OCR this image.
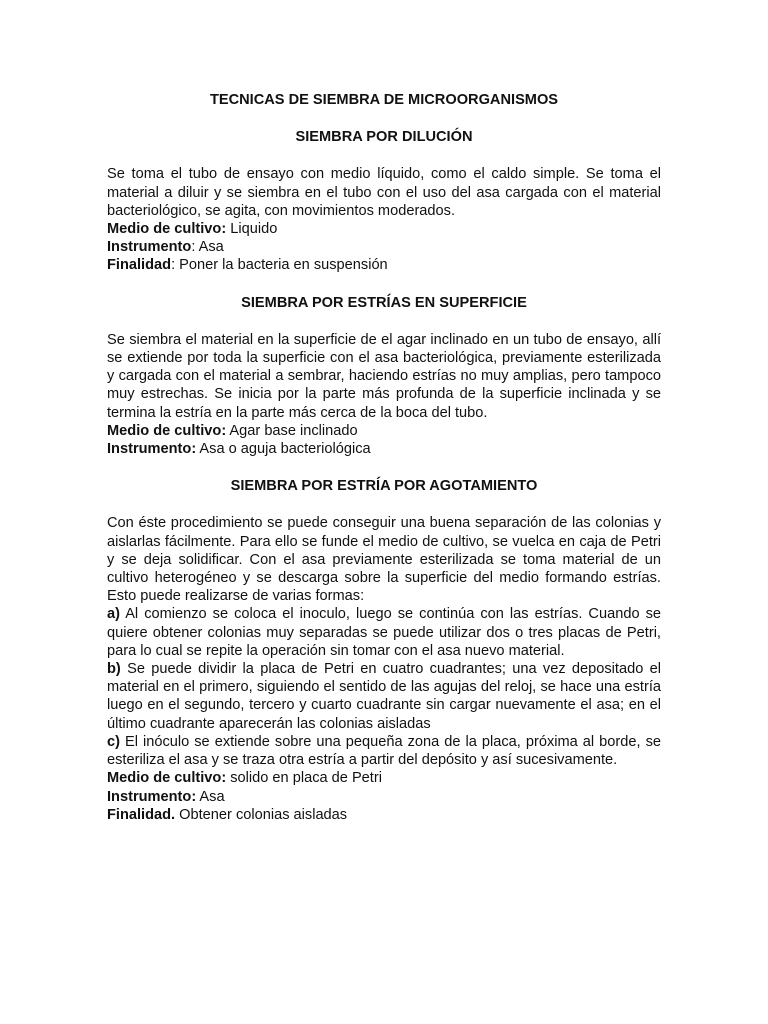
TECNICAS DE SIEMBRA DE MICROORGANISMOS
SIEMBRA POR DILUCIÓN

Se toma el tubo de ensayo con medio líquido, como el caldo simple. Se toma el material a diluir y se siembra en el tubo con el uso del asa cargada con el material bacteriológico, se agita, con movimientos moderados.

Medio de cultivo: Liquido
Instrumento: Asa
Finalidad: Poner la bacteria en suspensión
SIEMBRA POR ESTRÍAS EN SUPERFICIE

Se siembra el material en la superficie de el agar inclinado en un tubo de ensayo, allí se extiende por toda la superficie con el asa bacteriológica, previamente esterilizada y cargada con el material a sembrar, haciendo estrías no muy amplias, pero tampoco muy estrechas. Se inicia por la parte más profunda de la superficie inclinada y se termina la estría en la parte más cerca de la boca del tubo.

Medio de cultivo: Agar base inclinado
Instrumento: Asa o aguja bacteriológica
SIEMBRA POR ESTRÍA POR AGOTAMIENTO

Con éste procedimiento se puede conseguir una buena separación de las colonias y aislarlas fácilmente. Para ello se funde el medio de cultivo, se vuelca en caja de Petri y se deja solidificar. Con el asa previamente esterilizada se toma material de un cultivo heterogéneo y se descarga sobre la superficie del medio formando estrías. Esto puede realizarse de varias formas:

a) Al comienzo se coloca el inoculo, luego se continúa con las estrías. Cuando se quiere obtener colonias muy separadas se puede utilizar dos o tres placas de Petri, para lo cual se repite la operación sin tomar con el asa nuevo material.

b) Se puede dividir la placa de Petri en cuatro cuadrantes; una vez depositado el material en el primero, siguiendo el sentido de las agujas del reloj, se hace una estría luego en el segundo, tercero y cuarto cuadrante sin cargar nuevamente el asa; en el último cuadrante aparecerán las colonias aisladas

c) El inóculo se extiende sobre una pequeña zona de la placa, próxima al borde, se esteriliza el asa y se traza otra estría a partir del depósito y así sucesivamente.

Medio de cultivo: solido en placa de Petri
Instrumento: Asa
Finalidad. Obtener colonias aisladas
